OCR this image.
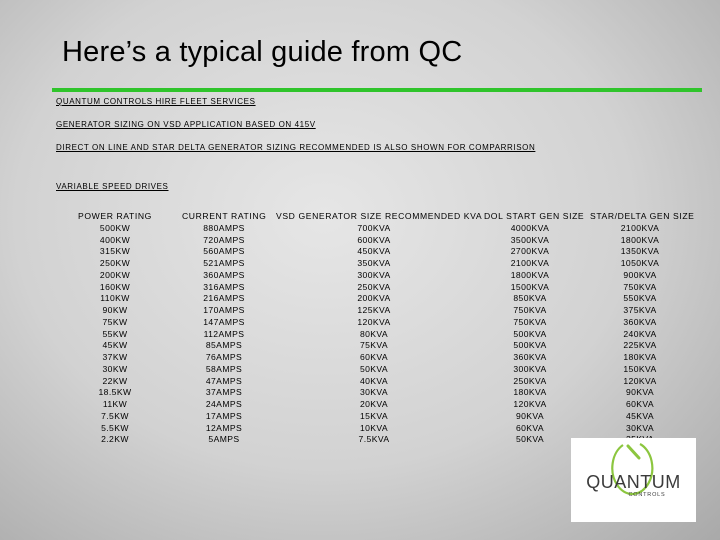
Here’s a typical guide from QC
QUANTUM CONTROLS HIRE FLEET SERVICES
GENERATOR SIZING ON VSD APPLICATION BASED ON 415V
DIRECT ON LINE AND STAR DELTA GENERATOR SIZING RECOMMENDED IS ALSO SHOWN FOR COMPARRISON
VARIABLE SPEED DRIVES
POWER RATING
500KW
400KW
315KW
250KW
200KW
160KW
110KW
90KW
75KW
55KW
45KW
37KW
30KW
22KW
18.5KW
11KW
7.5KW
5.5KW
2.2KW
CURRENT RATING
880AMPS
720AMPS
560AMPS
521AMPS
360AMPS
316AMPS
216AMPS
170AMPS
147AMPS
112AMPS
85AMPS
76AMPS
58AMPS
47AMPS
37AMPS
24AMPS
17AMPS
12AMPS
5AMPS
VSD GENERATOR SIZE RECOMMENDED KVA
700KVA
600KVA
450KVA
350KVA
300KVA
250KVA
200KVA
125KVA
120KVA
80KVA
75KVA
60KVA
50KVA
40KVA
30KVA
20KVA
15KVA
10KVA
7.5KVA
DOL START GEN SIZE
4000KVA
3500KVA
2700KVA
2100KVA
1800KVA
1500KVA
850KVA
750KVA
750KVA
500KVA
500KVA
360KVA
300KVA
250KVA
180KVA
120KVA
90KVA
60KVA
50KVA
STAR/DELTA GEN SIZE
2100KVA
1800KVA
1350KVA
1050KVA
900KVA
750KVA
550KVA
375KVA
360KVA
240KVA
225KVA
180KVA
150KVA
120KVA
90KVA
60KVA
45KVA
30KVA
QUANTUM
CONTROLS
